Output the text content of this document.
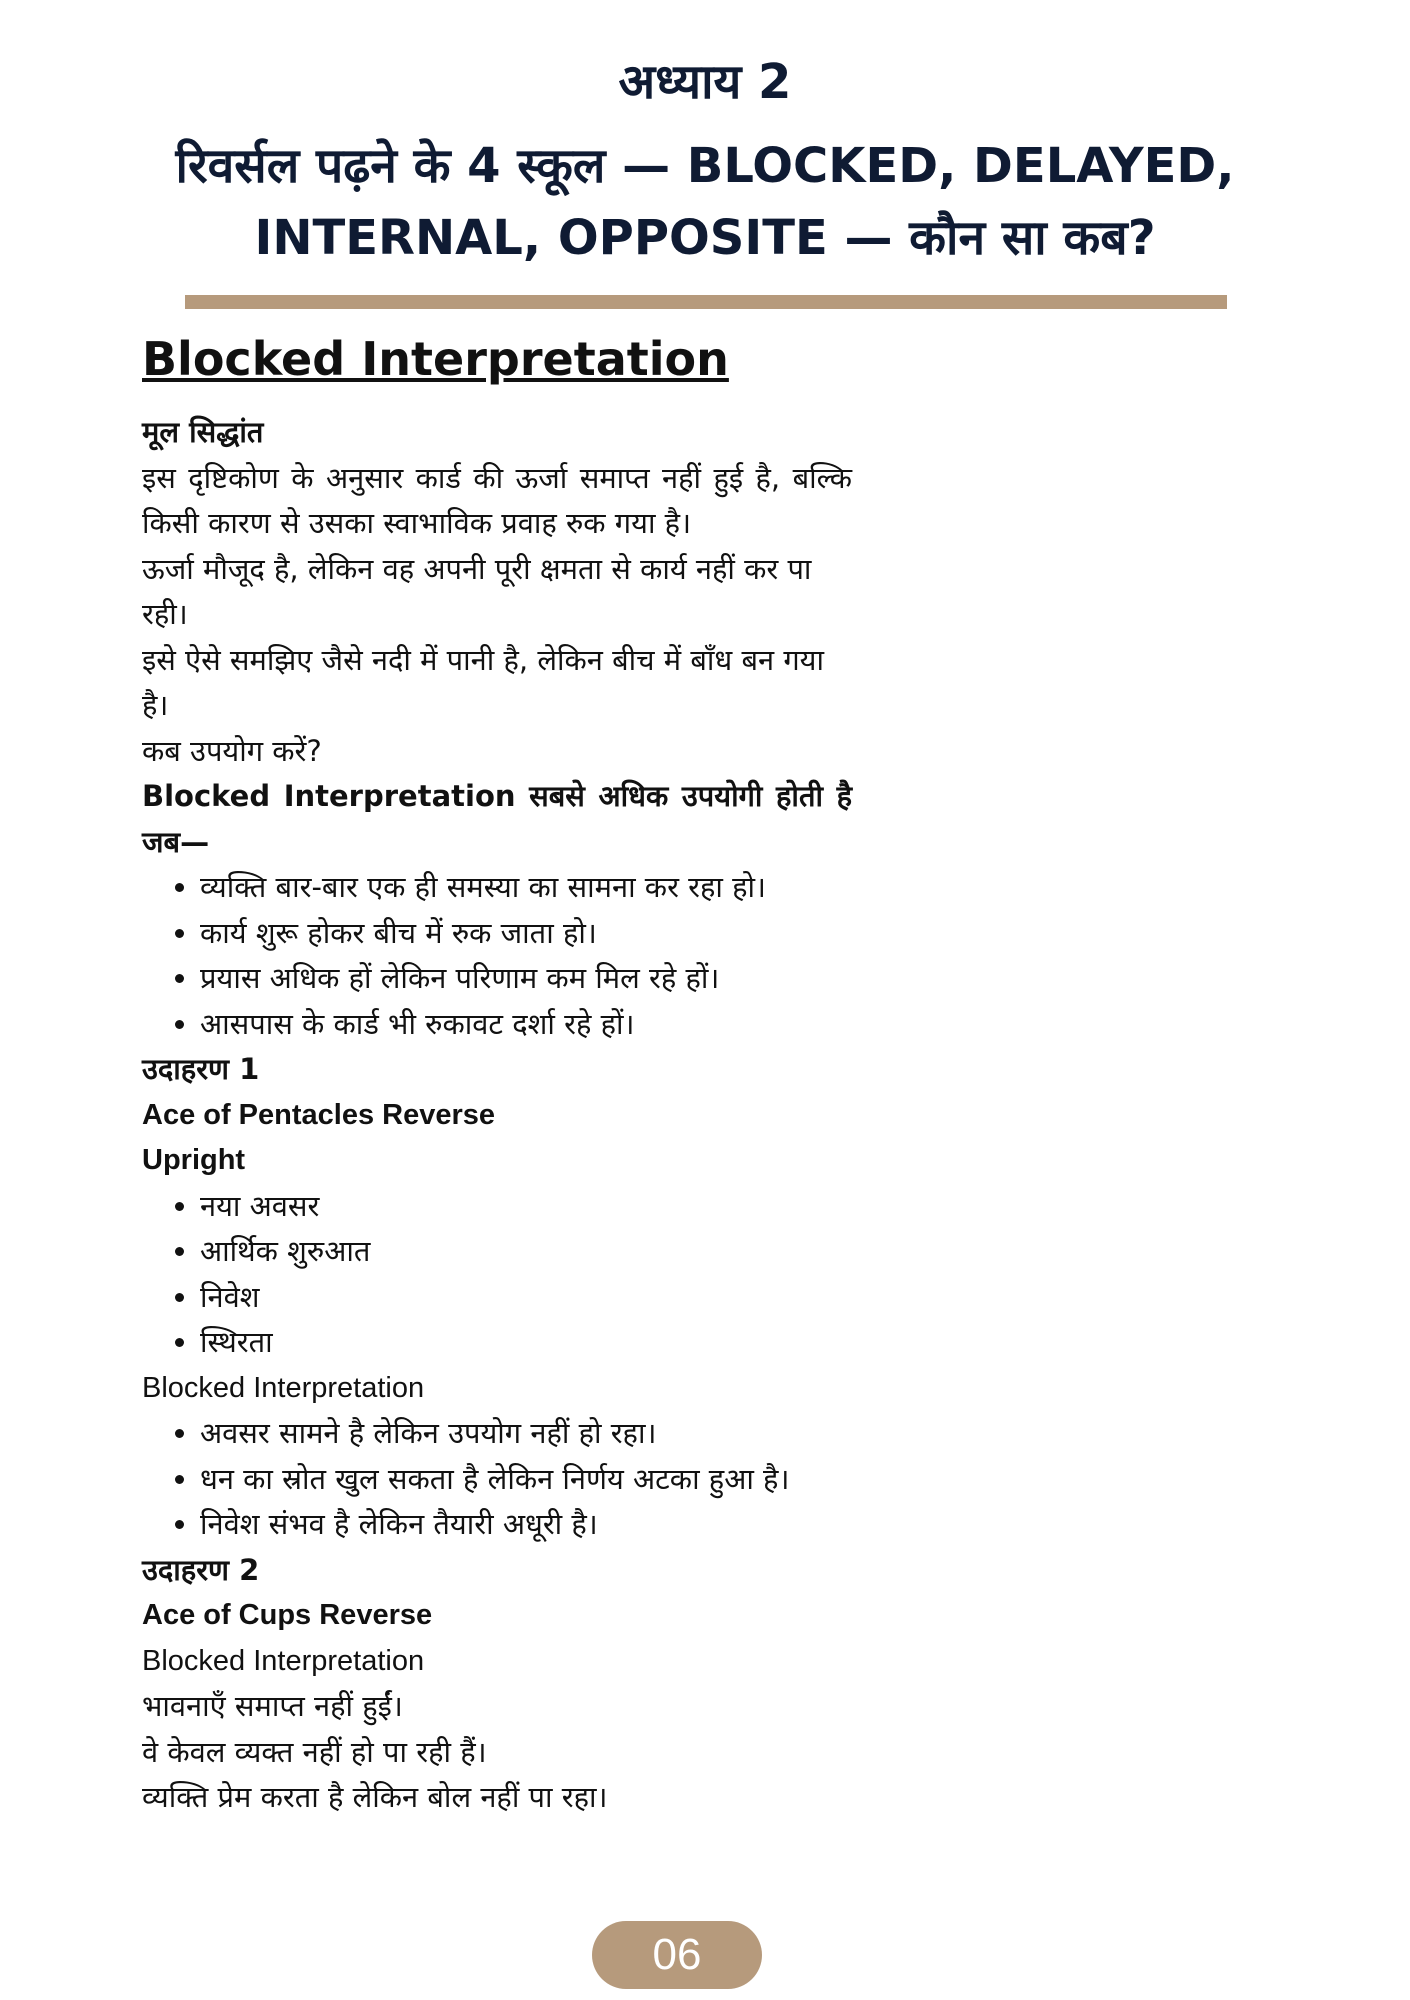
अध्याय 2
रिवर्सल पढ़ने के 4 स्कूल — BLOCKED, DELAYED,
INTERNAL, OPPOSITE — कौन सा कब?
Blocked Interpretation

मूल सिद्धांत

इस दृष्टिकोण के अनुसार कार्ड की ऊर्जा समाप्त नहीं हुई है, बल्कि किसी कारण से उसका स्वाभाविक प्रवाह रुक गया है।

ऊर्जा मौजूद है, लेकिन वह अपनी पूरी क्षमता से कार्य नहीं कर पा रही।

इसे ऐसे समझिए जैसे नदी में पानी है, लेकिन बीच में बाँध बन गया है।

कब उपयोग करें?

Blocked Interpretation सबसे अधिक उपयोगी होती है जब—

• व्यक्ति बार-बार एक ही समस्या का सामना कर रहा हो।
• कार्य शुरू होकर बीच में रुक जाता हो।
• प्रयास अधिक हों लेकिन परिणाम कम मिल रहे हों।
• आसपास के कार्ड भी रुकावट दर्शा रहे हों।

उदाहरण 1

Ace of Pentacles Reverse

Upright

• नया अवसर
• आर्थिक शुरुआत
• निवेश
• स्थिरता

Blocked Interpretation

• अवसर सामने है लेकिन उपयोग नहीं हो रहा।
• धन का स्रोत खुल सकता है लेकिन निर्णय अटका हुआ है।
• निवेश संभव है लेकिन तैयारी अधूरी है।

उदाहरण 2

Ace of Cups Reverse

Blocked Interpretation

भावनाएँ समाप्त नहीं हुईं।

वे केवल व्यक्त नहीं हो पा रही हैं।

व्यक्ति प्रेम करता है लेकिन बोल नहीं पा रहा।

06
